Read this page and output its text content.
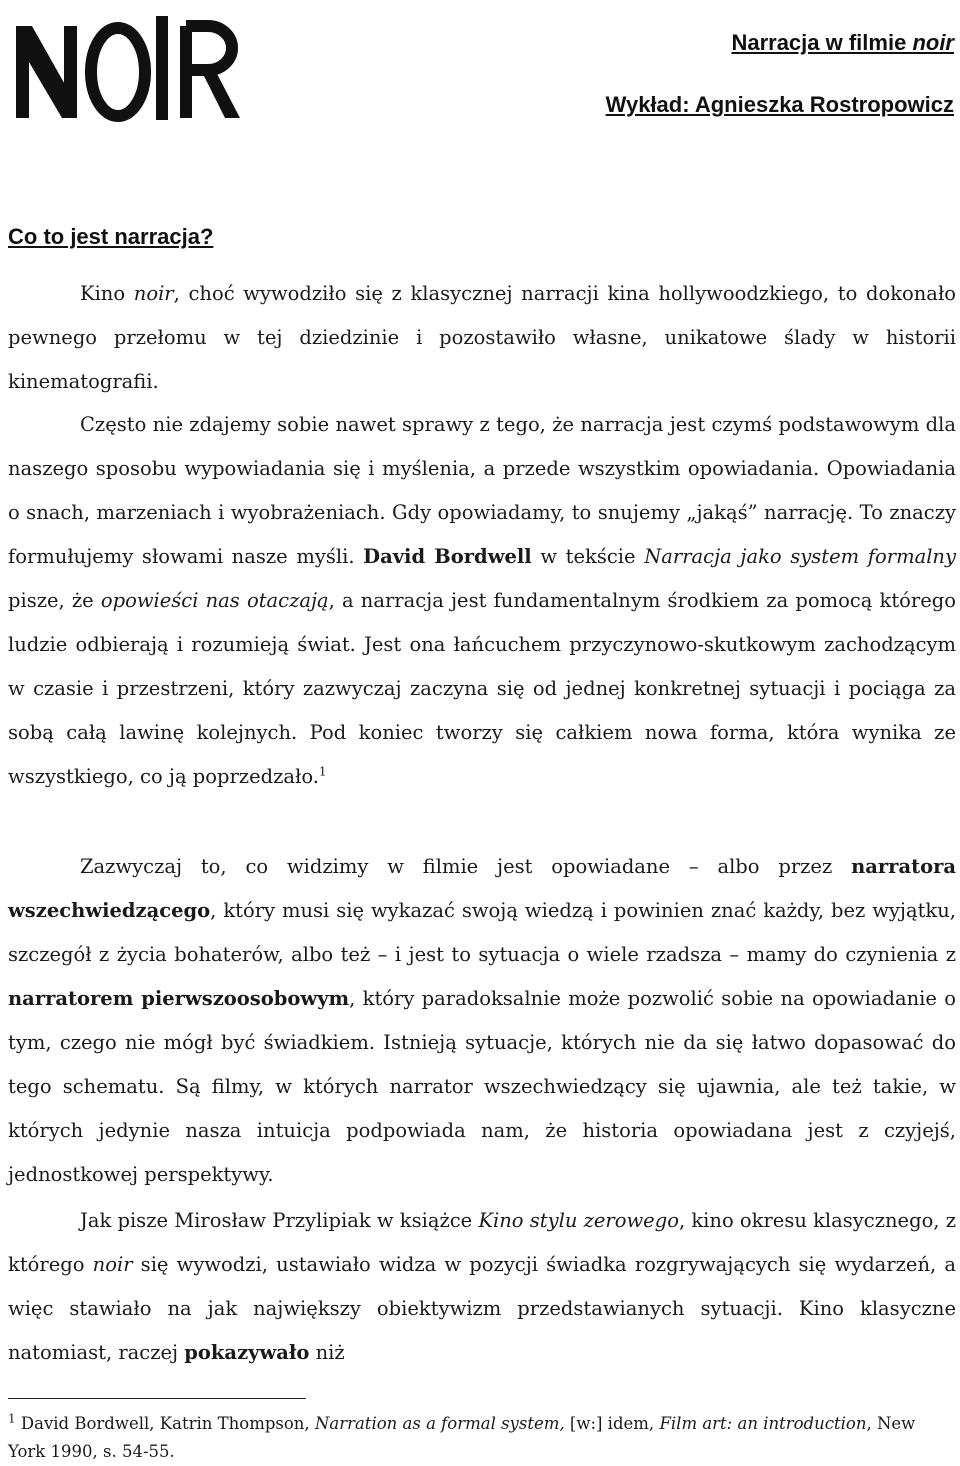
Narracja w filmie noir
Wykład: Agnieszka Rostropowicz
Co to jest narracja?

Kino noir, choć wywodziło się z klasycznej narracji kina hollywoodzkiego, to dokonało pewnego przełomu w tej dziedzinie i pozostawiło własne, unikatowe ślady w historii kinematografii.

Często nie zdajemy sobie nawet sprawy z tego, że narracja jest czymś podstawowym dla naszego sposobu wypowiadania się i myślenia, a przede wszystkim opowiadania. Opowiadania o snach, marzeniach i wyobrażeniach. Gdy opowiadamy, to snujemy „jakąś” narrację. To znaczy formułujemy słowami nasze myśli. David Bordwell w tekście Narracja jako system formalny pisze, że opowieści nas otaczają, a narracja jest fundamentalnym środkiem za pomocą którego ludzie odbierają i rozumieją świat. Jest ona łańcuchem przyczynowo-skutkowym zachodzącym w czasie i przestrzeni, który zazwyczaj zaczyna się od jednej konkretnej sytuacji i pociąga za sobą całą lawinę kolejnych. Pod koniec tworzy się całkiem nowa forma, która wynika ze wszystkiego, co ją poprzedzało.$^1$

Zazwyczaj to, co widzimy w filmie jest opowiadane – albo przez narratora wszechwiedzącego, który musi się wykazać swoją wiedzą i powinien znać każdy, bez wyjątku, szczegół z życia bohaterów, albo też – i jest to sytuacja o wiele rzadsza – mamy do czynienia z narratorem pierwszoosobowym, który paradoksalnie może pozwolić sobie na opowiadanie o tym, czego nie mógł być świadkiem. Istnieją sytuacje, których nie da się łatwo dopasować do tego schematu. Są filmy, w których narrator wszechwiedzący się ujawnia, ale też takie, w których jedynie nasza intuicja podpowiada nam, że historia opowiadana jest z czyjejś, jednostkowej perspektywy.

Jak pisze Mirosław Przylipiak w książce Kino stylu zerowego, kino okresu klasycznego, z którego noir się wywodzi, ustawiało widza w pozycji świadka rozgrywających się wydarzeń, a więc stawiało na jak największy obiektywizm przedstawianych sytuacji. Kino klasyczne natomiast, raczej pokazywało niż

$^1$ David Bordwell, Katrin Thompson, Narration as a formal system, [w:] idem, Film art: an introduction, New York 1990, s. 54-55.
